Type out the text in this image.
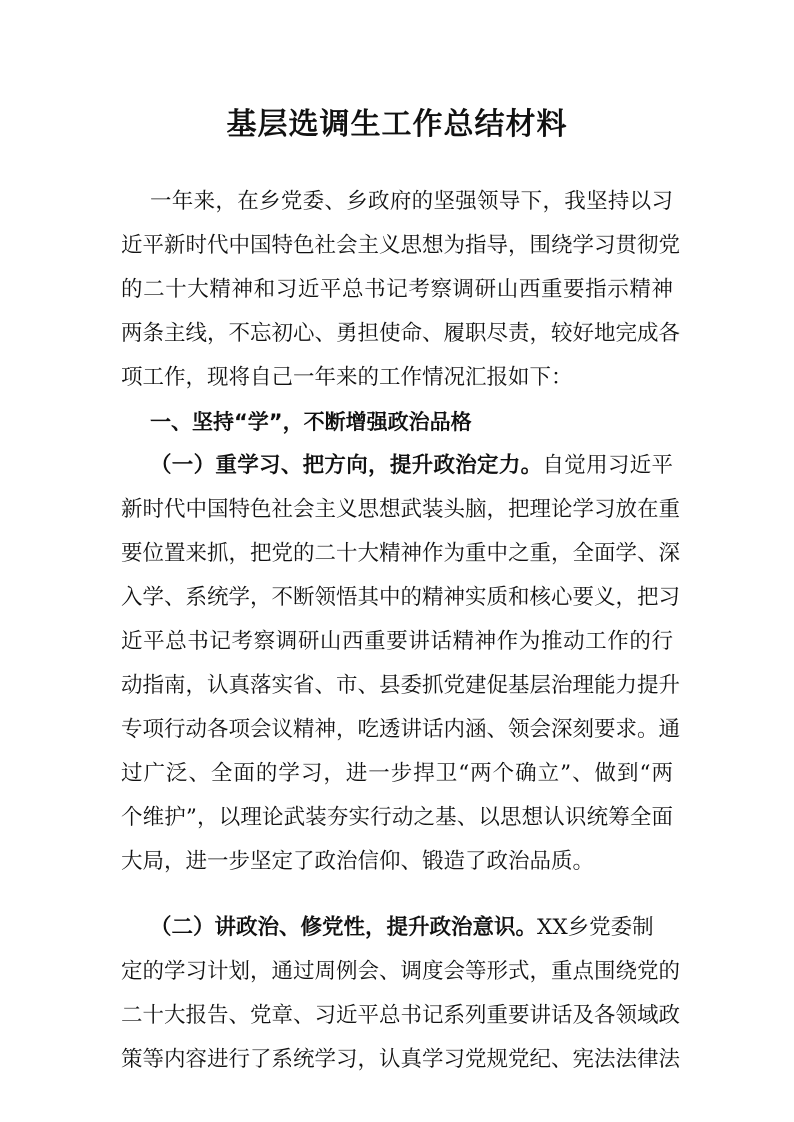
基层选调生工作总结材料
一年来，在乡党委、乡政府的坚强领导下，我坚持以习
近平新时代中国特色社会主义思想为指导，围绕学习贯彻党
的二十大精神和习近平总书记考察调研山西重要指示精神
两条主线，不忘初心、勇担使命、履职尽责，较好地完成各
项工作，现将自己一年来的工作情况汇报如下：
一、坚持“学”，不断增强政治品格
（一）重学习、把方向，提升政治定力。自觉用习近平
新时代中国特色社会主义思想武装头脑，把理论学习放在重
要位置来抓，把党的二十大精神作为重中之重，全面学、深
入学、系统学，不断领悟其中的精神实质和核心要义，把习
近平总书记考察调研山西重要讲话精神作为推动工作的行
动指南，认真落实省、市、县委抓党建促基层治理能力提升
专项行动各项会议精神，吃透讲话内涵、领会深刻要求。通
过广泛、全面的学习，进一步捍卫“两个确立”、做到“两
个维护”，以理论武装夯实行动之基、以思想认识统筹全面
大局，进一步坚定了政治信仰、锻造了政治品质。
（二）讲政治、修党性，提升政治意识。XX乡党委制
定的学习计划，通过周例会、调度会等形式，重点围绕党的
二十大报告、党章、习近平总书记系列重要讲话及各领域政
策等内容进行了系统学习，认真学习党规党纪、宪法法律法
